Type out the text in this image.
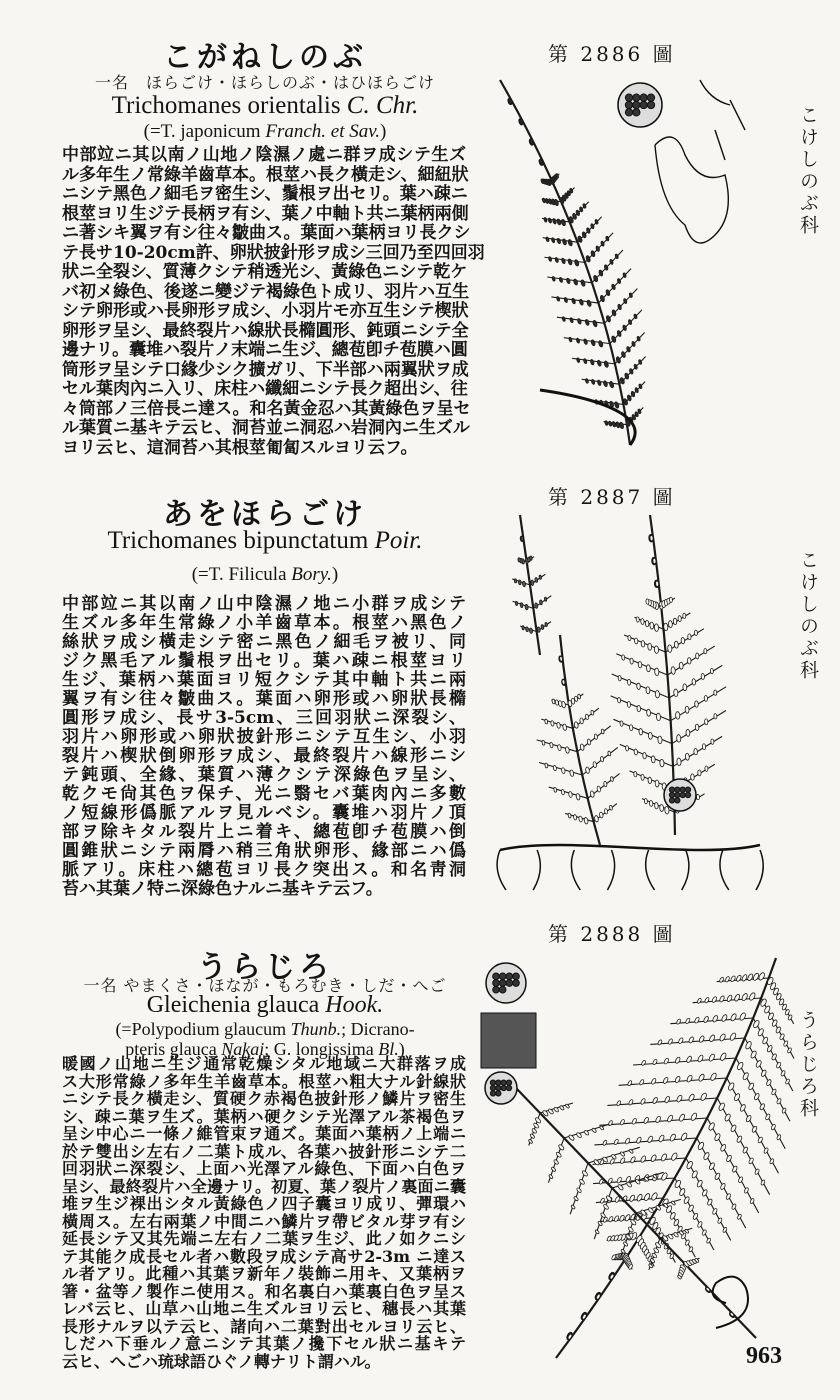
こがねしのぶ
一名　ほらごけ・ほらしのぶ・はひほらごけ
Trichomanes orientalis C. Chr.
(=T. japonicum Franch. et Sav.)
中部竝ニ其以南ノ山地ノ陰濕ノ處ニ群ヲ成シテ生ズ
ル多年生ノ常綠羊齒草本。根莖ハ長ク橫走シ、細紐狀
ニシテ黑色ノ細毛ヲ密生シ、鬚根ヲ出セリ。葉ハ疎ニ
根莖ヨリ生ジテ長柄ヲ有シ、葉ノ中軸ト共ニ葉柄兩側
ニ著シキ翼ヲ有シ往々皺曲ス。葉面ハ葉柄ヨリ長クシ
テ長サ10-20cm許、卵狀披針形ヲ成シ三回乃至四回羽
狀ニ全裂シ、質薄クシテ稍透光シ、黃綠色ニシテ乾ケ
バ初メ綠色、後遂ニ變ジテ褐綠色ト成リ、羽片ハ互生
シテ卵形或ハ長卵形ヲ成シ、小羽片モ亦互生シテ楔狀
卵形ヲ呈シ、最終裂片ハ線狀長橢圓形、鈍頭ニシテ全
邊ナリ。囊堆ハ裂片ノ末端ニ生ジ、總苞卽チ苞膜ハ圓
筒形ヲ呈シテ口緣少シク擴ガリ、下半部ハ兩翼狀ヲ成
セル葉肉內ニ入リ、床柱ハ纖細ニシテ長ク超出シ、往
々筒部ノ三倍長ニ達ス。和名黃金忍ハ其黃綠色ヲ呈セ
ル葉質ニ基キテ云ヒ、洞苔並ニ洞忍ハ岩洞內ニ生ズル
ヨリ云ヒ、這洞苔ハ其根莖匍匐スルヨリ云フ。
あをほらごけ
Trichomanes bipunctatum Poir.
(=T. Filicula Bory.)
中部竝ニ其以南ノ山中陰濕ノ地ニ小群ヲ成シテ
生ズル多年生常綠ノ小羊齒草本。根莖ハ黑色ノ
絲狀ヲ成シ橫走シテ密ニ黑色ノ細毛ヲ被リ、同
ジク黑毛アル鬚根ヲ出セリ。葉ハ疎ニ根莖ヨリ
生ジ、葉柄ハ葉面ヨリ短クシテ其中軸ト共ニ兩
翼ヲ有シ往々皺曲ス。葉面ハ卵形或ハ卵狀長橢
圓形ヲ成シ、長サ3-5cm、三回羽狀ニ深裂シ、
羽片ハ卵形或ハ卵狀披針形ニシテ互生シ、小羽
裂片ハ楔狀倒卵形ヲ成シ、最終裂片ハ線形ニシ
テ鈍頭、全緣、葉質ハ薄クシテ深綠色ヲ呈シ、
乾クモ尙其色ヲ保チ、光ニ翳セバ葉肉內ニ多數
ノ短線形僞脈アルヲ見ルベシ。囊堆ハ羽片ノ頂
部ヲ除キタル裂片上ニ着キ、總苞卽チ苞膜ハ倒
圓錐狀ニシテ兩脣ハ稍三角狀卵形、緣部ニハ僞
脈アリ。床柱ハ總苞ヨリ長ク突出ス。和名靑洞
苔ハ其葉ノ特ニ深綠色ナルニ基キテ云フ。
うらじろ
一名 やまくさ・ほなが・もろむき・しだ・へご
Gleichenia glauca Hook.
(=Polypodium glaucum Thunb.; Dicrano-
pteris glauca Nakai; G. longissima Bl.)
暖國ノ山地ニ生ジ通常乾燥シタル地域ニ大群落ヲ成
ス大形常綠ノ多年生羊齒草本。根莖ハ粗大ナル針線狀
ニシテ長ク橫走シ、質硬ク赤褐色披針形ノ鱗片ヲ密生
シ、疎ニ葉ヲ生ズ。葉柄ハ硬クシテ光澤アル茶褐色ヲ
呈シ中心ニ一條ノ維管束ヲ通ズ。葉面ハ葉柄ノ上端ニ
於テ雙出シ左右ノ二葉ト成ル、各葉ハ披針形ニシテ二
回羽狀ニ深裂シ、上面ハ光澤アル綠色、下面ハ白色ヲ
呈シ、最終裂片ハ全邊ナリ。初夏、葉ノ裂片ノ裏面ニ囊
堆ヲ生ジ裸出シタル黃綠色ノ四子囊ヨリ成リ、彈環ハ
橫周ス。左右兩葉ノ中間ニハ鱗片ヲ帶ビタル芽ヲ有シ
延長シテ又其先端ニ左右ノ二葉ヲ生ジ、此ノ如クニシ
テ其能ク成長セル者ハ數段ヲ成シテ高サ2-3m ニ達ス
ル者アリ。此種ハ其葉ヲ新年ノ裝飾ニ用キ、又葉柄ヲ
箸・盆等ノ製作ニ使用ス。和名裏白ハ葉裏白色ヲ呈ス
レバ云ヒ、山草ハ山地ニ生ズルヨリ云ヒ、穗長ハ其葉
長形ナルヲ以テ云ヒ、諸向ハ二葉對出セルヨリ云ヒ、
しだハ下垂ルノ意ニシテ其葉ノ攙下セル狀ニ基キテ
云ヒ、へごハ琉球語ひぐノ轉ナリト謂ハル。
第 2886 圖
第 2887 圖
第 2888 圖
こけしのぶ科
こけしのぶ科
うらじろ科
963
